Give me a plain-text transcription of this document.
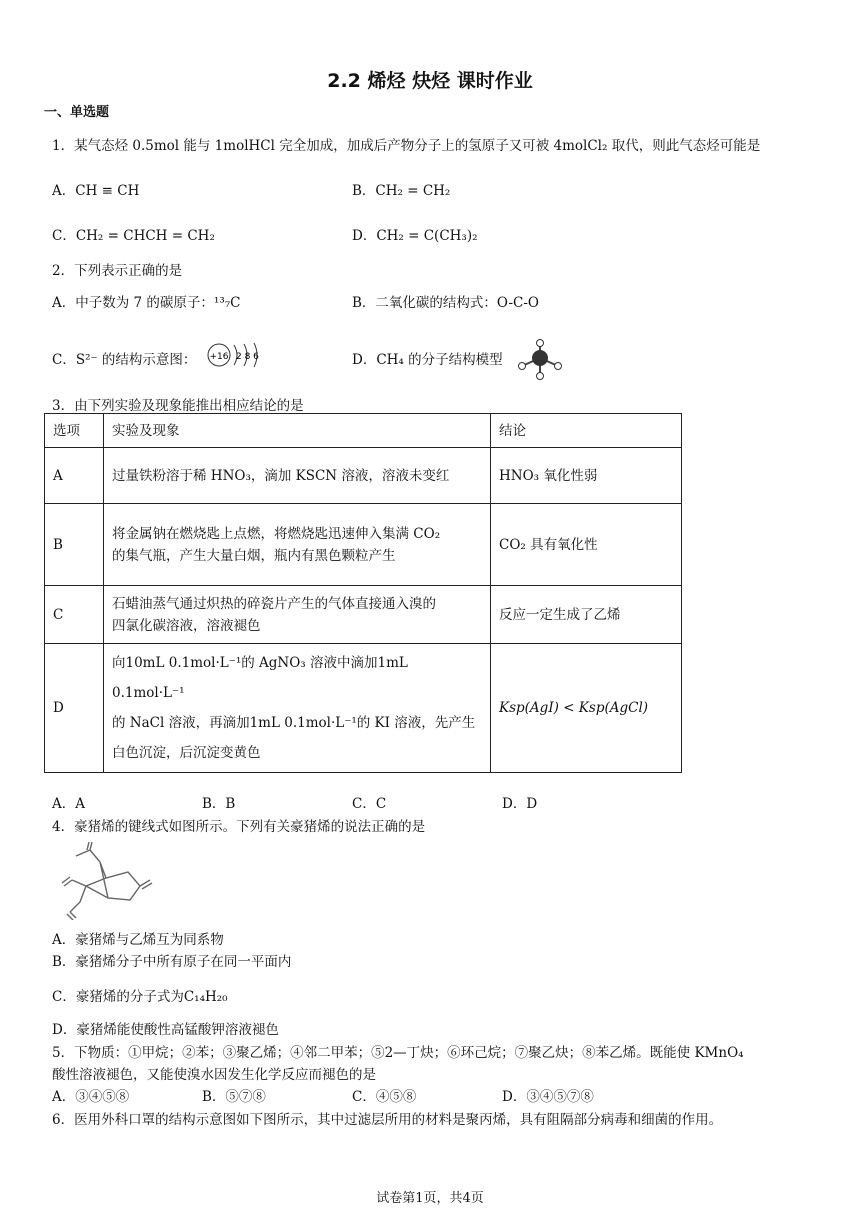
2.2 烯烃 炔烃 课时作业
一、单选题
1．某气态烃 0.5mol 能与 1molHCl 完全加成，加成后产物分子上的氢原子又可被 4molCl₂ 取代，则此气态烃可能是
A．CH ≡ CH	B．CH₂ = CH₂
C．CH₂ = CHCH = CH₂	D．CH₂ = C(CH₃)₂
2．下列表示正确的是
A．中子数为 7 的碳原子：¹³₇C	B．二氧化碳的结构式：O-C-O
C．S²⁻ 的结构示意图： +16 2 8 6	D．CH₄ 的分子结构模型
3．由下列实验及现象能推出相应结论的是
选项	实验及现象	结论
A	过量铁粉溶于稀 HNO₃，滴加 KSCN 溶液，溶液未变红	HNO₃ 氧化性弱
B	将金属钠在燃烧匙上点燃，将燃烧匙迅速伸入集满 CO₂
的集气瓶，产生大量白烟，瓶内有黑色颗粒产生	CO₂ 具有氧化性
C	石蜡油蒸气通过炽热的碎瓷片产生的气体直接通入溴的
四氯化碳溶液，溶液褪色	反应一定生成了乙烯
D	向10mL 0.1mol·L⁻¹的 AgNO₃ 溶液中滴加1mL 0.1mol·L⁻¹
的 NaCl 溶液，再滴加1mL 0.1mol·L⁻¹的 KI 溶液，先产生
白色沉淀，后沉淀变黄色	Ksp(AgI) < Ksp(AgCl)
A．A	B．B	C．C	D．D
4．豪猪烯的键线式如图所示。下列有关豪猪烯的说法正确的是
A．豪猪烯与乙烯互为同系物
B．豪猪烯分子中所有原子在同一平面内
C．豪猪烯的分子式为C₁₄H₂₀
D．豪猪烯能使酸性高锰酸钾溶液褪色
5．下物质：①甲烷；②苯；③聚乙烯；④邻二甲苯；⑤2—丁炔；⑥环己烷；⑦聚乙炔；⑧苯乙烯。既能使 KMnO₄
酸性溶液褪色，又能使溴水因发生化学反应而褪色的是
A．③④⑤⑧	B．⑤⑦⑧	C．④⑤⑧	D．③④⑤⑦⑧
6．医用外科口罩的结构示意图如下图所示，其中过滤层所用的材料是聚丙烯，具有阻隔部分病毒和细菌的作用。
试卷第1页，共4页
